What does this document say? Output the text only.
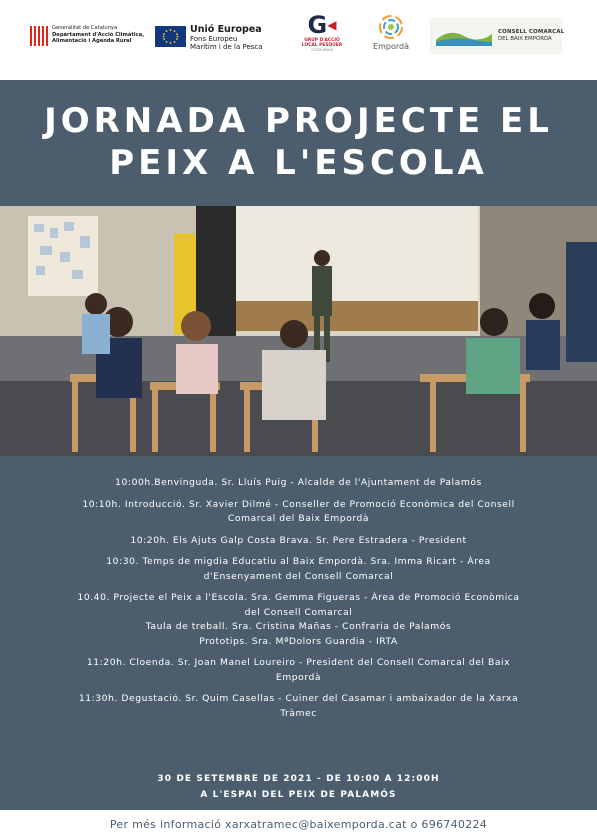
Generalitat de Catalunya
Departament d'Acció Climàtica,
Alimentació i Agenda Rural
Unió Europea
Fons Europeu
Marítim i de la Pesca
G◀
GRUP D'ACCIÓ
LOCAL PESQUER
COSTA BRAVA	Empordà
CONSELL COMARCAL
DEL BAIX EMPORDÀ
JORNADA PROJECTE EL
PEIX A L'ESCOLA

10:00h.Benvinguda. Sr. Lluís Puig - Alcalde de l'Ajuntament de Palamós

10:10h. Introducció. Sr. Xavier Dilmé - Conseller de Promoció Econòmica del Consell

Comarcal del Baix Empordà

10:20h. Els Ajuts Galp Costa Brava. Sr. Pere Estradera - President

10:30. Temps de migdia Educatiu al Baix Empordà. Sra. Imma Ricart - Àrea

d'Ensenyament del Consell Comarcal

10.40. Projecte el Peix a l'Escola. Sra. Gemma Figueras - Àrea de Promoció Econòmica

del Consell Comarcal

Taula de treball. Sra. Cristina Mañas - Confraria de Palamós

Prototips. Sra. MªDolors Guardia - IRTA

11:20h. Cloenda. Sr. Joan Manel Loureiro - President del Consell Comarcal del Baix

Empordà

11:30h. Degustació. Sr. Quim Casellas - Cuiner del Casamar i ambaixador de la Xarxa

Tràmec

30 DE SETEMBRE DE 2021 - DE 10:00 A 12:00H

A L'ESPAI DEL PEIX DE PALAMÓS

Per més informació xarxatramec@baixemporda.cat o 696740224
